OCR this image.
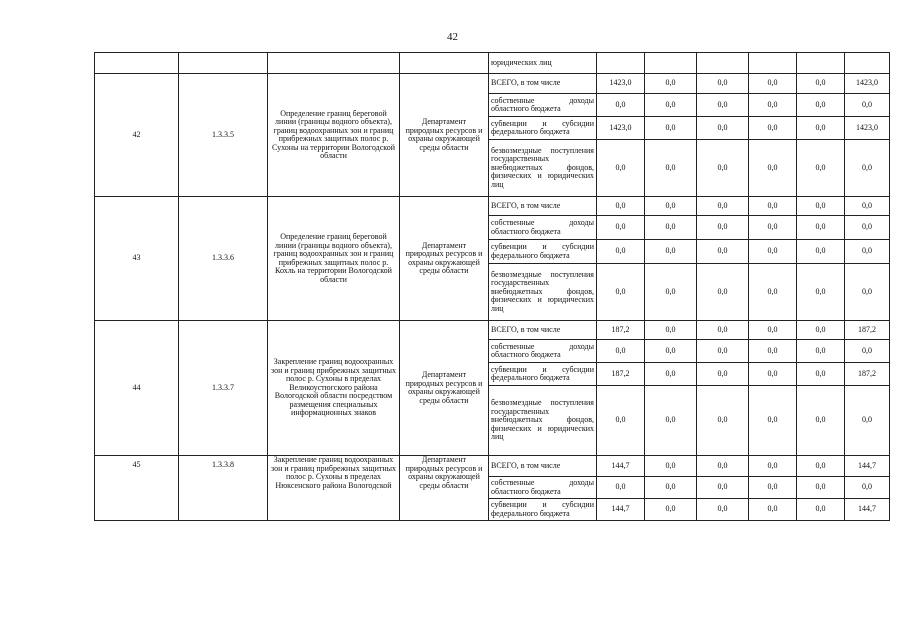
42
				юридических лиц						
42	1.3.3.5	Определение границ береговой линии (границы водного объекта), границ водоохранных зон и границ прибрежных защитных полос р. Сухоны на территории Вологодской области	Департамент природных ресурсов и охраны окружающей среды области	ВСЕГО, в том числе	1423,0	0,0	0,0	0,0	0,0	1423,0
				собственные доходы областного бюджета	0,0	0,0	0,0	0,0	0,0	0,0
				субвенции и субсидии федерального бюджета	1423,0	0,0	0,0	0,0	0,0	1423,0
				безвозмездные поступления государственных внебюджетных фондов, физических и юридических лиц	0,0	0,0	0,0	0,0	0,0	0,0
43	1.3.3.6	Определение границ береговой линии (границы водного объекта), границ водоохранных зон и границ прибрежных защитных полос р. Кохль на территории Вологодской области	Департамент природных ресурсов и охраны окружающей среды области	ВСЕГО, в том числе	0,0	0,0	0,0	0,0	0,0	0,0
				собственные доходы областного бюджета	0,0	0,0	0,0	0,0	0,0	0,0
				субвенции и субсидии федерального бюджета	0,0	0,0	0,0	0,0	0,0	0,0
				безвозмездные поступления государственных внебюджетных фондов, физических и юридических лиц	0,0	0,0	0,0	0,0	0,0	0,0
44	1.3.3.7	Закрепление границ водоохранных зон и границ прибрежных защитных полос р. Сухоны в пределах Великоустюгского района Вологодской области посредством размещения специальных информационных знаков	Департамент природных ресурсов и охраны окружающей среды области	ВСЕГО, в том числе	187,2	0,0	0,0	0,0	0,0	187,2
				собственные доходы областного бюджета	0,0	0,0	0,0	0,0	0,0	0,0
				субвенции и субсидии федерального бюджета	187,2	0,0	0,0	0,0	0,0	187,2
				безвозмездные поступления государственных внебюджетных фондов, физических и юридических лиц	0,0	0,0	0,0	0,0	0,0	0,0
45	1.3.3.8	Закрепление границ водоохранных зон и границ прибрежных защитных полос р. Сухоны в пределах Нюксенского района Вологодской	Департамент природных ресурсов и охраны окружающей среды области	ВСЕГО, в том числе	144,7	0,0	0,0	0,0	0,0	144,7
				собственные доходы областного бюджета	0,0	0,0	0,0	0,0	0,0	0,0
				субвенции и субсидии федерального бюджета	144,7	0,0	0,0	0,0	0,0	144,7
